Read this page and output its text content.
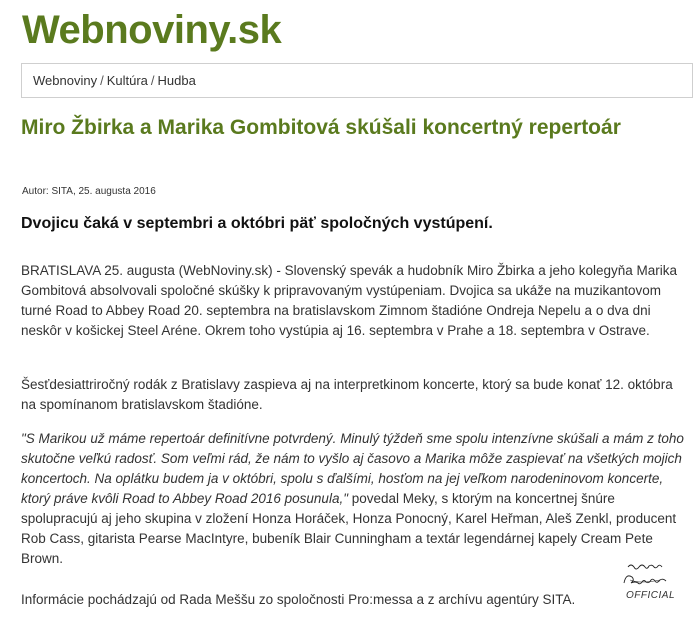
Webnoviny.sk
Webnoviny / Kultúra / Hudba
Miro Žbirka a Marika Gombitová skúšali koncertný repertoár
Autor: SITA, 25. augusta 2016
Dvojicu čaká v septembri a októbri päť spoločných vystúpení.

BRATISLAVA 25. augusta (WebNoviny.sk) - Slovenský spevák a hudobník Miro Žbirka a jeho kolegyňa Marika Gombitová absolvovali spoločné skúšky k pripravovaným vystúpeniam. Dvojica sa ukáže na muzikantovom turné Road to Abbey Road 20. septembra na bratislavskom Zimnom štadióne Ondreja Nepelu a o dva dni neskôr v košickej Steel Aréne. Okrem toho vystúpia aj 16. septembra v Prahe a 18. septembra v Ostrave.

Šesťdesiattriročný rodák z Bratislavy zaspieva aj na interpretkinom koncerte, ktorý sa bude konať 12. októbra na spomínanom bratislavskom štadióne.

"S Marikou už máme repertoár definitívne potvrdený. Minulý týždeň sme spolu intenzívne skúšali a mám z toho skutočne veľkú radosť. Som veľmi rád, že nám to vyšlo aj časovo a Marika môže zaspievať na všetkých mojich koncertoch. Na oplátku budem ja v októbri, spolu s ďalšími, hosťom na jej veľkom narodeninovom koncerte, ktorý práve kvôli Road to Abbey Road 2016 posunula," povedal Meky, s ktorým na koncertnej šnúre spolupracujú aj jeho skupina v zložení Honza Horáček, Honza Ponocný, Karel Heřman, Aleš Zenkl, producent Rob Cass, gitarista Pearse MacIntyre, bubeník Blair Cunningham a textár legendárnej kapely Cream Pete Brown.

Informácie pochádzajú od Rada Meššu zo spoločnosti Pro:messa a z archívu agentúry SITA.	OFFICIAL
